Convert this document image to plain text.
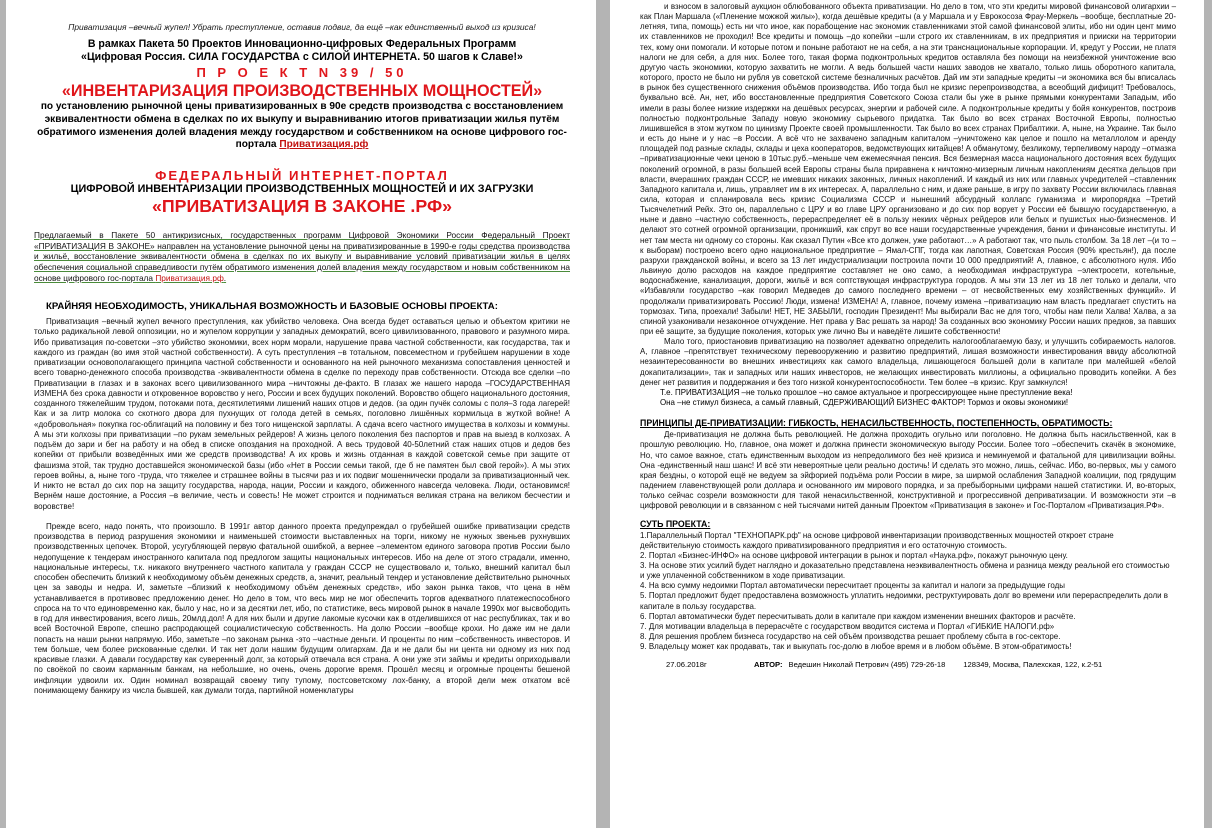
Приватизация –вечный жупел! Убрать преступление, оставив подвиг, да ещё –как единственный выход из кризиса!

В рамках Пакета 50 Проектов Инновационно-цифровых Федеральных Программ

«Цифровая Россия. СИЛА ГОСУДАРСТВА с СИЛОЙ ИНТЕРНЕТА. 50 шагов к Славе!»

П Р О Е К Т N 39 / 50

«ИНВЕНТАРИЗАЦИЯ ПРОИЗВОДСТВЕННЫХ МОЩНОСТЕЙ»

по установлению рыночной цены приватизированных в 90е средств производства с восстановлением эквивалентности обмена в сделках по их выкупу и выравниванию итогов приватизации жилья путём обратимого изменения долей владения между государством и собственником на основе цифрового гос-портала Приватизация.рф

ФЕДЕРАЛЬНЫЙ ИНТЕРНЕТ-ПОРТАЛ

ЦИФРОВОЙ ИНВЕНТАРИЗАЦИИ ПРОИЗВОДСТВЕННЫХ МОЩНОСТЕЙ И ИХ ЗАГРУЗКИ

«ПРИВАТИЗАЦИЯ В ЗАКОНЕ .РФ»

Предлагаемый в Пакете 50 антикризисных, государственных программ Цифровой Экономики России Федеральный Проект «ПРИВАТИЗАЦИЯ В ЗАКОНЕ» направлен на установление рыночной цены на приватизированные в 1990-е годы средства производства и жильё, восстановление эквивалентности обмена в сделках по их выкупу и выравнивание условий приватизации жилья в целях обеспечения социальной справедливости путём обратимого изменения долей владения между государством и новым собственником на основе цифрового гос-портала Приватизация.рф.

КРАЙНЯЯ НЕОБХОДИМОСТЬ, УНИКАЛЬНАЯ ВОЗМОЖНОСТЬ И БАЗОВЫЕ ОСНОВЫ ПРОЕКТА:

Приватизация –вечный жупел вечного преступления, как убийство человека. Она всегда будет оставаться целью и объектом критики не только радикальной левой оппозиции, но и жупелом коррупции у западных демократий, всего цивилизованного, правового и разумного мира. Ибо приватизация по-советски –это убийство экономики, всех норм морали, нарушение права частной собственности, как государства, так и каждого из граждан (во имя этой частной собственности). А суть преступления –в тотальном, повсеместном и грубейшем нарушении в ходе приватизации основополагающего принципа частной собственности и основанного на ней рыночного механизма сопоставления ценностей и всего товарно-денежного способа производства -эквивалентности обмена в сделке по переходу прав собственности. Отсюда все сделки –по Приватизации в глазах и в законах всего цивилизованного мира –ничтожны де-факто. В глазах же нашего народа –ГОСУДАРСТВЕННАЯ ИЗМЕНА без срока давности и откровенное воровство у него, России и всех будущих поколений. Воровство общего национального достояния, созданного тяжелейшим трудом, потоками пота, десятилетиями лишений наших отцов и дедов. (за один пучёк соломы с поля–3 года лагерей! Как и за литр молока со скотного двора для пухнущих от голода детей в семьях, поголовно лишённых кормильца в жуткой войне! А «добровольная» покупка гос-облигаций на половину и без того нищенской зарплаты. А сдача всего частного имущества в колхозы и коммуны. А мы эти колхозы при приватизации –по рукам земельных рейдеров! А жизнь целого поколения без паспортов и прав на выезд в колхозах. А подъём до зари и бег на работу и на обед в списке опоздания на проходной. А весь трудовой 40-50летний стаж наших отцов и дедов без копейки от прибыли возведённых ими же средств производства! А их кровь и жизнь отданная в каждой советской семье при защите от фашизма этой, так трудно доставшейся экономической базы (ибо «Нет в России семьи такой, где б не памятен был свой герой»). А мы этих героев войны, а, ныне того -труда, что тяжелее и страшнее войны в тысячи раз и их подвиг мошеннически продали за приватизационный чек. И никто не встал до сих пор на защиту государства, народа, нации, России и каждого, обиженного навсегда человека. Люди, остановимся! Вернём наше достояние, а Россия –в величие, честь и совесть! Не может строится и подниматься великая страна на великом бесчестии и воровстве!

Прежде всего, надо понять, что произошло. В 1991г автор данного проекта предупреждал о грубейшей ошибке приватизации средств производства в период разрушения экономики и наименьшей стоимости выставленных на торги, никому не нужных звеньев рухнувших производственных цепочек. Второй, усугубляющей первую фатальной ошибкой, а вернее –элементом единого заговора против России было недопущение к тендерам иностранного капитала под предлогом защиты национальных интересов. Ибо на деле от этого страдали, именно, национальные интересы, т.к. никакого внутреннего частного капитала у граждан СССР не существовало и, только, внешний капитал был способен обеспечить близкий к необходимому объём денежных средств, а, значит, реальный тендер и установление действительно рыночных цен за заводы и недра. И, заметьте –близкий к необходимому объём денежных средств», ибо закон рынка таков, что цена в нём устанавливается в противовес предложению денег. Но дело в том, что весь мир не мог обеспечить торгов адекватного платежеспособного спроса на то что единовременно как, было у нас, но и за десятки лет, ибо, по статистике, весь мировой рынок в начале 1990х мог высвободить в год для инвестирования, всего лишь, 20млд.дол! А для них были и другие лакомые кусочки как в отделившихся от нас республиках, так и во всей Восточной Европе, спешно распродающей социалистическую собственность. На долю России –вообще крохи. Но даже им не дали попасть на наши рынки напрямую. Ибо, заметьте –по законам рынка -это –частные деньги. И проценты по ним –собственность инвесторов. И тем больше, чем более рискованные сделки. И так нет доли нашим будущим олигархам. Да и не дали бы ни цента ни одному из них под красивые глазки. А давали государству как суверенный долг, за который отвечала вся страна. А они уже эти займы и кредиты оприходывали по своёкой по своим карманным банкам, на небольшие, но очень, очень дорогие время. Прошёл месяц и огромные проценты бешеной инфляции удвоили их. Один номинал возвращай своему типу тупому, постсоветскому лох-банку, а второй дели меж откатом всё понимающему банкиру из числа бывшей, как думали тогда, партийной номенклатуры

и взносом в залоговый аукцион облюбованного объекта приватизации. Но дело в том, что эти кредиты мировой финансовой олигархии –как План Маршала («Пленение можжой жилы»), когда дешёвые кредиты (а у Маршала и у Еврокосоза Фрау-Меркель –вообще, бесплатные 20-летняя, типа, помощь) есть ни что иное, как порабощение нас экономик ставленниками этой самой финансовой элиты, ибо ни один цент мимо их ставленников не проходил! Все кредиты и помощь –до копейки –шли строго их ставленникам, в их предприятия и прииски на территории тех, кому они помогали. И которые потом и поныне работают не на себя, а на эти транснациональные корпорации. И, кредут у России, не платя налоги не для себя, а для них. Более того, такая форма подконтрольных кредитов оставляла без помощи на неизбежной уничтожение всю другую часть экономики, которую захватить не могли. А ведь большей части наших заводов не хватало, только лишь оборотного капитала, которого, просто не было ни рубля ув советской системе безналичных расчётов. Дай им эти западные кредиты –и экономика вся бы вписалась в рынок без существенного снижения объёмов производства. Ибо тогда был не кризис перепроизводства, а всеобщий дифицит! Требовалось, буквально всё. Ан, нет, ибо восстановленные предприятия Советского Союза стали бы уже в рынке прямыми конкурентами Западым, ибо имели в разы более низкие издержки на дешёвых ресурсах, энергии и рабочей силе. А подконтрольные кредиты у бойя конкурентов, построив полностью подконтрольные Западу новую экономику сырьевого придатка. Так было во всех странах Восточной Европы, полностью лишившейся в этом жутком по цинизму Проекте своей промышленности. Так было во всех странах Прибалтики. А, ныне, на Украине. Так было и есть до ныне и у нас –в России. А всё что не захвачено западным капиталом –уничтожено как целое и пошло на металлолом и аренду площадей под разные склады, склады и цеха кооператоров, ведомствующих китайцев! А обманутому, безликому, терпеливому народу –отмазка –приватизационные чеки ценою в 10тыс.руб.–меньше чем ежемесячная пенсия. Вся безмерная масса национального достояния всех будущих поколений огромной, в разы большей всей Европы страны была приравнена к ничтожно-мизерным личным накоплениям десятка дельцов при власти, вчерашних граждан СССР, не имевших никаких законных, личных накоплений. И каждый из них или главных учредителей –ставленник Западного капитала и, лишь, управляет им в их интересах. А, параллельно с ним, и даже раньше, в игру по захвату России включилась главная сила, которая и спланировала весь кризис Социализма СССР и нынешний абсурдный коллапс гуманизма и миропорядка –Третий Тысячелетний Рейх. Это он, параллельно с ЦРУ и во главе ЦРУ организовано и до сих пор ворует у России её бывшую государственную, а ныне и давно –частную собственность, перераспределяет её в пользу некиих чёрных рейдеров или белых и пушистых нью-бизнесменов. И делают это сотней огромной организации, проникший, как спрут во все наши государственные учреждения, банки и финансовые институты. И нет там места ни одному со стороны. Как сказал Путин «Все кто должен, уже работают…» А работают так, что пыль столбом. За 18 лет –(и то –к выборам) построено всего одно национальное предприятие – Ямал-СПГ, тогда как лапотная, Советская Россия (90% крестьян!), да после разрухи гражданской войны, и всего за 13 лет индустриализации построила почти 10 000 предприятий! А, главное, с абсолютного нуля. Ибо львиную долю расходов на каждое предприятие составляет не оно само, а необходимая инфраструктура –электросети, котельные, водоснабжение, канализация, дороги, жильё и вся соптствующая инфраструктура городов. А мы эти 13 лет из 18 лет только и делали, что «Избавляли государство –как говорил Медведев до самого последнего времени – от несвойственных ему хозяйственных функций». И продолжали приватизировать Россию! Люди, измена! ИЗМЕНА! А, главное, почему измена –приватизацию нам власть предлагает спустить на тормозах. Типа, проехали! Забыли! НЕТ, НЕ ЗАБЫЛИ, господин Президент! Мы выбирали Вас не для того, чтобы нам пели Халва! Халва, а за спиной узаконивали незаконное отчуждение. Нет права у Вас решать за народ! За созданных всю экономику России наших предков, за павших при её защите, за будущие поколения, которых уже лично Вы и наведёте лишите собственности!

Мало того, приостановив приватизацию на позволяет адекватно определить налогооблагаемую базу, и улучшить собираемость налогов. А, главное –препятствует техническому перевооружению и развитию предприятий, лишая возможности инвестирования ввиду абсолютной незаинтересованности во внешних инвестициях как самого владельца, лишающегося большей доли в капитале при малейшей «белой докапитализации», так и западных или наших инвесторов, не желающих инвестировать миллионы, а официально проводить копейки. А без денег нет развития и поддержания и без того низкой конкурентоспособности. Тем более –в кризис. Круг замкнулся!

Т.е. ПРИВАТИЗАЦИЯ –не только прошлое –но самое актуальное и прогрессирующее ныне преступление века!

Она –не стимул бизнеса, а самый главный, СДЕРЖИВАЮЩИЙ БИЗНЕС ФАКТОР! Тормоз и оковы экономики!

ПРИНЦИПЫ ДЕ-ПРИВАТИЗАЦИИ: ГИБКОСТЬ, НЕНАСИЛЬСТВЕННОСТЬ, ПОСТЕПЕННОСТЬ, ОБРАТИМОСТЬ:

Де-приватизация не должна быть революцией. Не должна проходить огульно или поголовно. Не должна быть насильственной, как в прошлую революцию. Но, главное, она может и должна принести экономическую выгоду России. Более того –обеспечить скачёк в экономике, Но, что самое важное, стать единственным выходом из непредолимого без неё кризиса и неминуемой и фатальной для цивилизации войны. Она -единственный наш шанс! И всё эти невероятные цели реально достичь! И сделать это можно, лишь, сейчас. Ибо, во-первых, мы у самого края бездны, о которой ещё не ведуем за эйфорией подъёма роли России в мире, за ширмой ослабления Западной коалиции, под грядущим падением главенствующей роли доллара и основанного им мирового порядка, и за пребыборными цифрами нашей статистики. И, во-вторых, только сейчас созрели возможности для такой ненасильственной, конструктивной и прогрессивной деприватизации. И возможности эти –в цифровой революции и в связанном с ней тысячами нитей данным Проектом «Приватизация в законе» и Гос-Порталом «Приватизация.РФ».

СУТЬ ПРОЕКТА:

1.Параллельный Портал "ТЕХНОПАРК.рф" на основе цифровой инвентаризации производственных мощностей откроет стране действительную стоимость каждого приватизированного предприятия и его остаточную стоимость.

2. Портал «Бизнес-ИНФО» на основе цифровой интеграции в рынок и портал «Наука.рф», покажут рыночную цену.

3. На основе этих усилий будет наглядно и доказательно представлена неэквивалентность обмена и разница между реальной его стоимостью и уже уплаченной собственником в ходе приватизации.

4. На всю сумму недоимки Портал автоматически пересчитает проценты за капитал и налоги за предыдущие годы

5. Портал предложит будет предоставлена возможность уплатить недоимки, реструктуировать долг во времени или перераспределить доли в капитале в пользу государства.

6. Портал автоматически будет пересчитывать доли в капитале при каждом изменении внешних факторов и расчёте.

7. Для мотивации владельца в перерасчёте с государством вводится система и Портал «ГИБКИЕ НАЛОГИ.рф»

8. Для решения проблем бизнеса государство на сей объём производства решает проблему сбыта в гос-секторе.

9. Владельцу может как продавать, так и выкупать гос-долю в любое время и в любом объёме. В этом-обратимость!

27.06.2018г	АВТОР: Ведешин Николай Петрович (495) 729-26-18 128349, Москва, Палехская, 122, к.2-51
